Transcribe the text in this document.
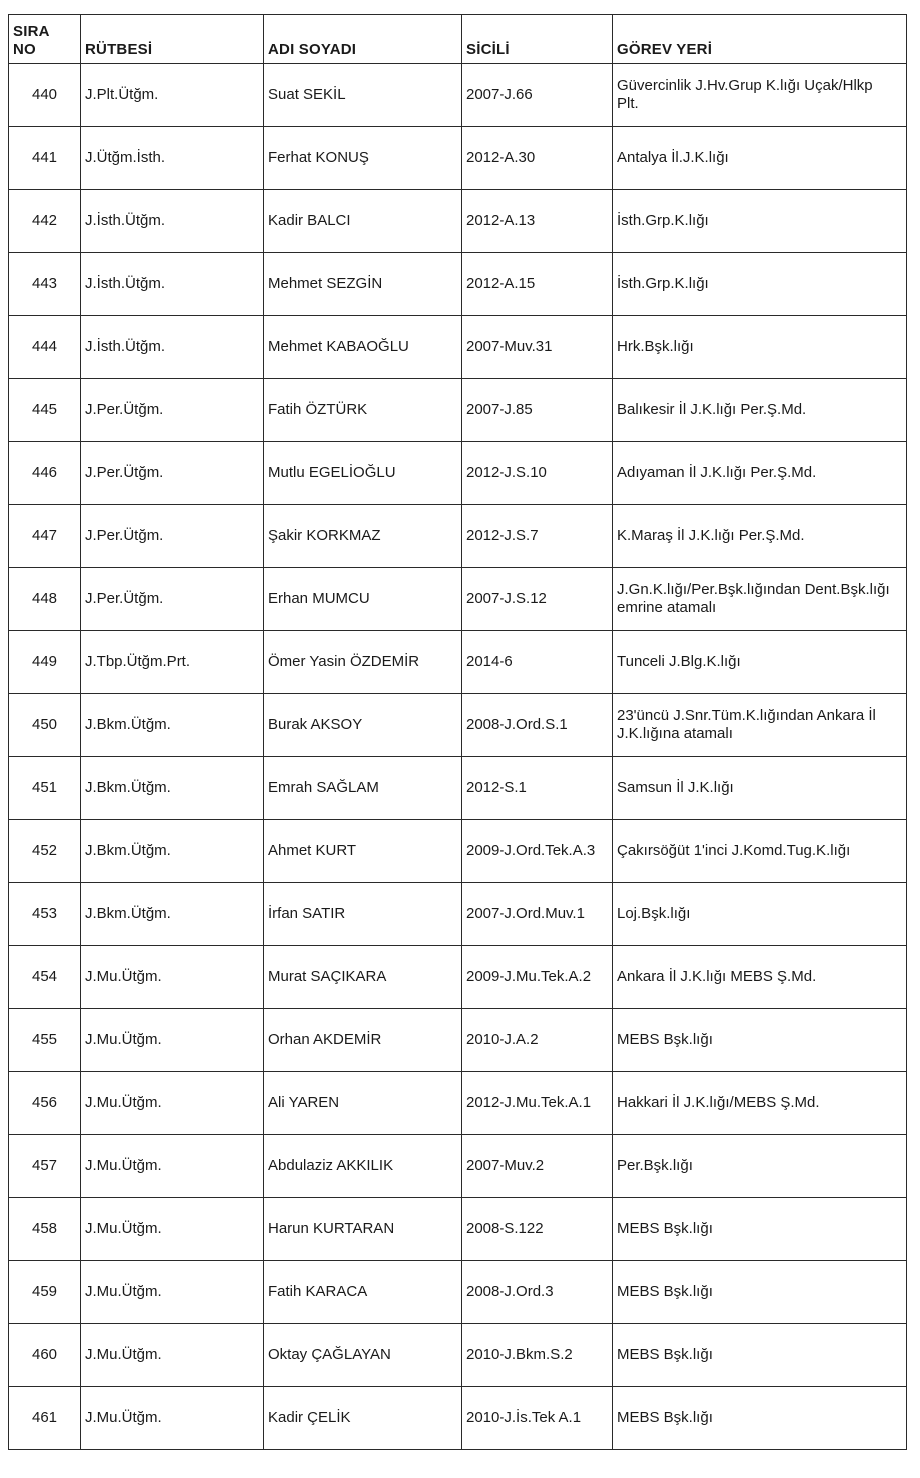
SIRA NO	RÜTBESİ	ADI SOYADI	SİCİLİ	GÖREV YERİ
440	J.Plt.Ütğm.	Suat SEKİL	2007-J.66	Güvercinlik J.Hv.Grup K.lığı Uçak/Hlkp Plt.
441	J.Ütğm.İsth.	Ferhat KONUŞ	2012-A.30	Antalya İl.J.K.lığı
442	J.İsth.Ütğm.	Kadir BALCI	2012-A.13	İsth.Grp.K.lığı
443	J.İsth.Ütğm.	Mehmet SEZGİN	2012-A.15	İsth.Grp.K.lığı
444	J.İsth.Ütğm.	Mehmet KABAOĞLU	2007-Muv.31	Hrk.Bşk.lığı
445	J.Per.Ütğm.	Fatih ÖZTÜRK	2007-J.85	Balıkesir İl J.K.lığı Per.Ş.Md.
446	J.Per.Ütğm.	Mutlu EGELİOĞLU	2012-J.S.10	Adıyaman İl J.K.lığı Per.Ş.Md.
447	J.Per.Ütğm.	Şakir KORKMAZ	2012-J.S.7	K.Maraş İl J.K.lığı Per.Ş.Md.
448	J.Per.Ütğm.	Erhan MUMCU	2007-J.S.12	J.Gn.K.lığı/Per.Bşk.lığından Dent.Bşk.lığı emrine atamalı
449	J.Tbp.Ütğm.Prt.	Ömer Yasin ÖZDEMİR	2014-6	Tunceli J.Blg.K.lığı
450	J.Bkm.Ütğm.	Burak AKSOY	2008-J.Ord.S.1	23'üncü J.Snr.Tüm.K.lığından Ankara İl J.K.lığına atamalı
451	J.Bkm.Ütğm.	Emrah SAĞLAM	2012-S.1	Samsun İl J.K.lığı
452	J.Bkm.Ütğm.	Ahmet KURT	2009-J.Ord.Tek.A.3	Çakırsöğüt 1'inci J.Komd.Tug.K.lığı
453	J.Bkm.Ütğm.	İrfan SATIR	2007-J.Ord.Muv.1	Loj.Bşk.lığı
454	J.Mu.Ütğm.	Murat SAÇIKARA	2009-J.Mu.Tek.A.2	Ankara İl J.K.lığı MEBS Ş.Md.
455	J.Mu.Ütğm.	Orhan AKDEMİR	2010-J.A.2	MEBS Bşk.lığı
456	J.Mu.Ütğm.	Ali YAREN	2012-J.Mu.Tek.A.1	Hakkari İl J.K.lığı/MEBS Ş.Md.
457	J.Mu.Ütğm.	Abdulaziz AKKILIK	2007-Muv.2	Per.Bşk.lığı
458	J.Mu.Ütğm.	Harun KURTARAN	2008-S.122	MEBS Bşk.lığı
459	J.Mu.Ütğm.	Fatih KARACA	2008-J.Ord.3	MEBS Bşk.lığı
460	J.Mu.Ütğm.	Oktay ÇAĞLAYAN	2010-J.Bkm.S.2	MEBS Bşk.lığı
461	J.Mu.Ütğm.	Kadir ÇELİK	2010-J.İs.Tek A.1	MEBS Bşk.lığı
